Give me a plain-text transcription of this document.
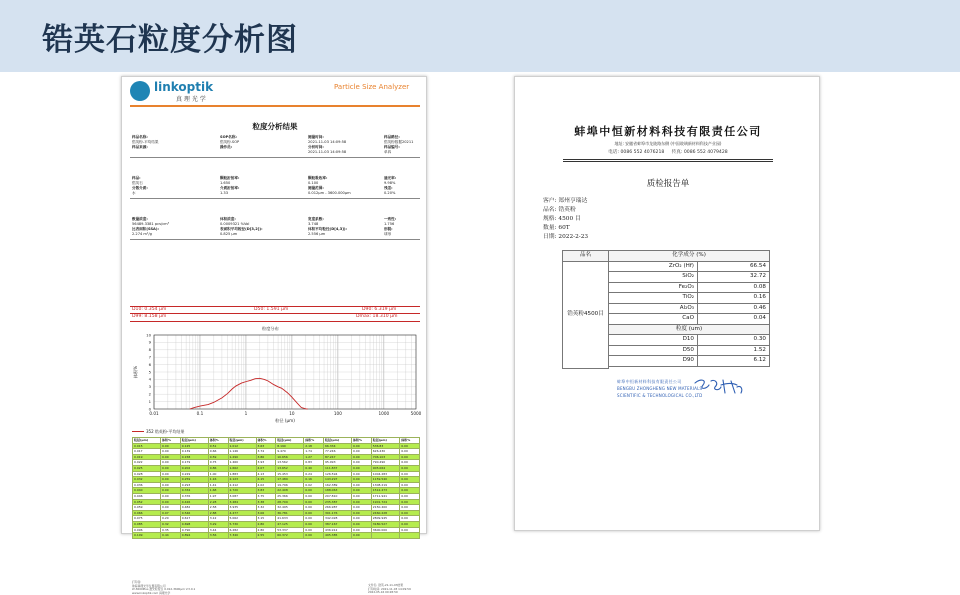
锆英石粒度分析图
linkoptik
真 理 光 学
Particle Size Analyzer
粒度分析结果
样品名称:	SOP名称:	测量时间:	样品路径:
锆英粉-平均结果	锆英粉.SOP	2021-11-03 14:09:58	锆英粉数据20211
样品来源:	操作员:	分析时间:	样品编号:
2021-11-03 14:09:58	单四
样品:	颗粒折射率:	颗粒吸收率:	遮光率:
锆英石	1.650	0.100	9.98%
分散介质:	介质折射率:	测量范围:	残差:
水	1.33	0.012μm - 3600.000μm	0.20%
数量浓度:	体积浓度:	宽度系数:	一致性:
56489.3381 pcs/cm³	0.0009321 %Vol	3.748	1.756
比表面积(SSA):	表面积平均粒径(D[3,2]):	体积平均粒径(D[4,3]):	形貌:
2.274 m²/g	0.825 μm	2.556 μm	球形
D10: 0.354 μm	D50: 1.591 μm	D90: 6.319 μm
D99: 8.158 μm	Dmax: 18.310 μm
粒度分布
0
1
2
3
4
5
6
7
8
9
10
0.01	0.1	1	10	100	1000	5000
粒径 (μm)
体积%
352 锆英粉-平均结果
粒径(μm)	体积%	粒径(μm)	体积%	粒径(μm)	体积%	粒径(μm)	体积%	粒径(μm)	体积%	粒径(μm)	体积%
0.015	0.00	0.125	0.51	1.012	3.63	8.190	2.18	66.334	0.00	536.83	0.00
0.017	0.00	0.139	0.66	1.146	3.74	9.470	1.74	77.246	0.00	626.430	0.00
0.019	0.00	0.158	0.59	1.290	3.86	10.656	1.27	87.247	0.00	706.103	0.00
0.022	0.00	0.179	0.75	1.460	3.93	13.562	0.83	95.093	0.00	790.490	0.00
0.025	0.00	0.202	0.86	1.662	4.07	13.652	0.40	111.837	0.00	905.064	0.00
0.028	0.00	0.229	1.00	1.883	4.13	15.453	0.24	126.594	0.00	1004.283	0.00
0.032	0.00	0.259	1.16	2.123	4.15	17.489	0.16	143.297	0.00	1159.540	0.00
0.036	0.00	0.293	1.41	2.412	4.02	19.796	0.02	162.389	0.00	1308.219	0.00
0.040	0.00	0.334	1.68	2.720	3.83	22.408	0.00	188.063	0.00	1512.473	0.00
0.046	0.00	0.376	1.97	3.087	3.75	25.366	0.00	207.810	0.00	1711.941	0.00
0.052	0.00	0.426	2.28	3.484	3.38	28.709	0.00	235.387	0.00	1901.724	0.00
0.059	0.00	0.482	2.58	3.935	3.32	32.495	0.00	266.987	0.00	2150.400	0.00
0.066	0.07	0.546	2.88	4.477	3.06	36.781	0.00	301.176	0.00	2460.228	0.00
0.075	0.20	0.617	3.12	5.062	3.15	41.633	0.00	342.028	0.00	2809.945	0.00
0.085	0.32	0.698	3.29	5.730	2.80	47.125	0.00	387.167	0.00	3180.527	0.00
0.096	0.35	0.790	3.44	6.282	2.80	53.337	0.00	436.912	0.00	3600.000	0.00
0.109	0.44	0.894	3.56	7.340	2.55	60.372	0.00	495.385	0.00		
打印者:
珠海真理光学仪器有限公司
LT-3600Plus 激光粒度仪 0.012-3600μm V.3.0.1
www.linkoptik.com 真理光学
文件名: 锆英-21-11-03结果
打印时间: 2021-11-03 14:09:59
2022-05-16 09:28:59
蚌埠中恒新材料科技有限责任公司
地址: 安徽省蚌埠市龙陵路东侧 (中国玻璃新材料科技产业园)
电话: 0086 552 4076218 传真: 0086 552 4079428
质检报告单
客户: 郑州亨瑞达
品名: 锆英粉
规格: 4500 目
数量: 60T
日期: 2022-2-23
品名	化学成分 (%)	
锆英粉4500目	ZrO₂ (Hf)	66.54
	SiO₂	32.72
	Fe₂O₃	0.08
	TiO₂	0.16
	Al₂O₃	0.46
	CaO	0.04
	粒度 (um)	
	D10	0.30
	D50	1.52
	D90	6.12

蚌埠中恒新材料科技有限责任公司
BENGBU ZHONGHENG NEW MATERIALS
SCIENTIFIC & TECHNOLOGICAL CO.,LTD
